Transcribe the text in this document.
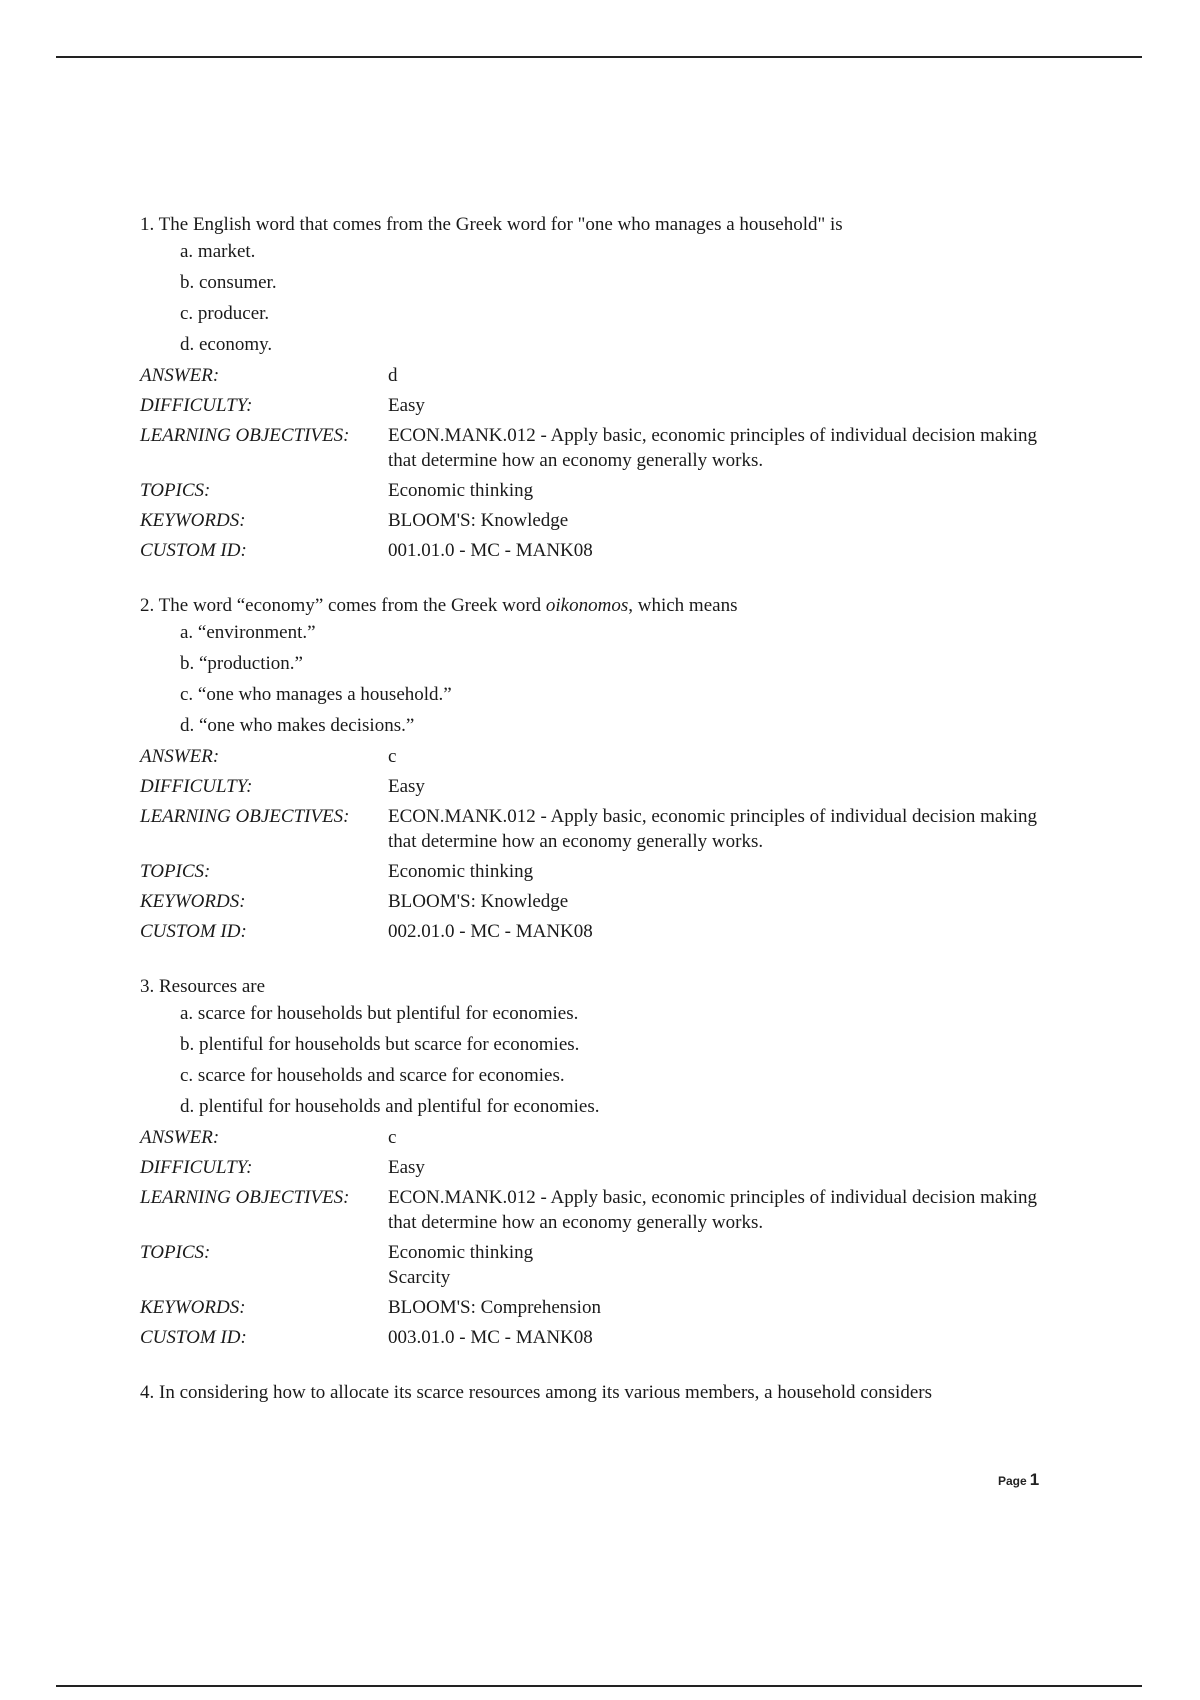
1. The English word that comes from the Greek word for "one who manages a household" is
a. market.
b. consumer.
c. producer.
d. economy.
ANSWER:	d
DIFFICULTY:	Easy
LEARNING OBJECTIVES:	ECON.MANK.012 - Apply basic, economic principles of individual decision making that determine how an economy generally works.
TOPICS:	Economic thinking
KEYWORDS:	BLOOM'S: Knowledge
CUSTOM ID:	001.01.0 - MC - MANK08
2. The word “economy” comes from the Greek word oikonomos, which means
a. “environment.”
b. “production.”
c. “one who manages a household.”
d. “one who makes decisions.”
ANSWER:	c
DIFFICULTY:	Easy
LEARNING OBJECTIVES:	ECON.MANK.012 - Apply basic, economic principles of individual decision making that determine how an economy generally works.
TOPICS:	Economic thinking
KEYWORDS:	BLOOM'S: Knowledge
CUSTOM ID:	002.01.0 - MC - MANK08
3. Resources are
a. scarce for households but plentiful for economies.
b. plentiful for households but scarce for economies.
c. scarce for households and scarce for economies.
d. plentiful for households and plentiful for economies.
ANSWER:	c
DIFFICULTY:	Easy
LEARNING OBJECTIVES:	ECON.MANK.012 - Apply basic, economic principles of individual decision making that determine how an economy generally works.
TOPICS:	Economic thinking
Scarcity
KEYWORDS:	BLOOM'S: Comprehension
CUSTOM ID:	003.01.0 - MC - MANK08
4. In considering how to allocate its scarce resources among its various members, a household considers
Page 1
